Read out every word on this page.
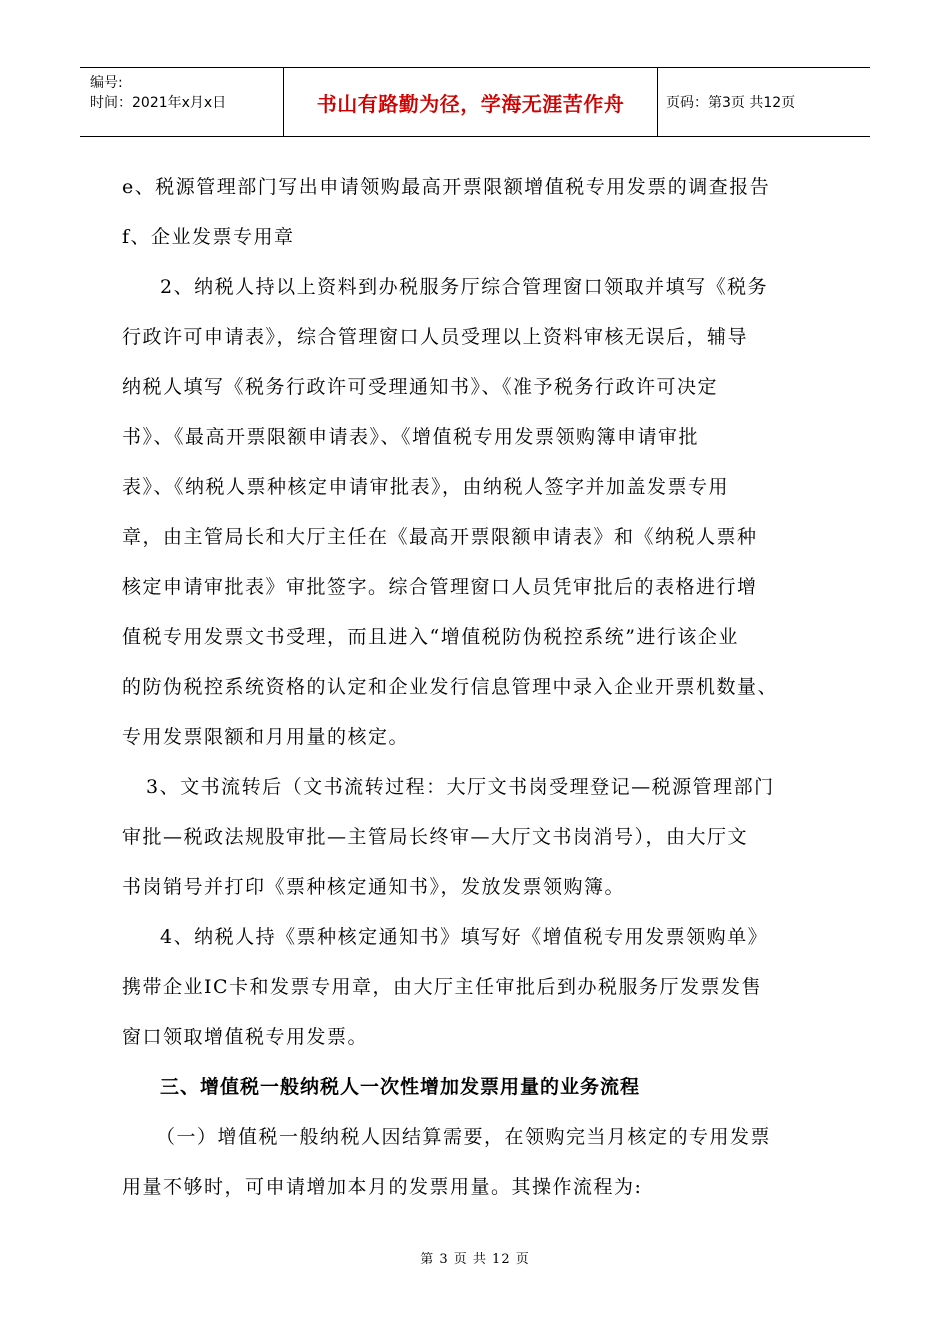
编号:
时间：2021年x月x日	书山有路勤为径，学海无涯苦作舟	页码：第3页 共12页
e、税源管理部门写出申请领购最高开票限额增值税专用发票的调查报告
f、企业发票专用章
2、纳税人持以上资料到办税服务厅综合管理窗口领取并填写《税务
行政许可申请表》，综合管理窗口人员受理以上资料审核无误后，辅导
纳税人填写《税务行政许可受理通知书》、《准予税务行政许可决定
书》、《最高开票限额申请表》、《增值税专用发票领购簿申请审批
表》、《纳税人票种核定申请审批表》，由纳税人签字并加盖发票专用
章，由主管局长和大厅主任在《最高开票限额申请表》和《纳税人票种
核定申请审批表》审批签字。综合管理窗口人员凭审批后的表格进行增
值税专用发票文书受理，而且进入“增值税防伪税控系统”进行该企业
的防伪税控系统资格的认定和企业发行信息管理中录入企业开票机数量、
专用发票限额和月用量的核定。
3、文书流转后（文书流转过程：大厅文书岗受理登记—税源管理部门
审批—税政法规股审批—主管局长终审—大厅文书岗消号），由大厅文
书岗销号并打印《票种核定通知书》，发放发票领购簿。
4、纳税人持《票种核定通知书》填写好《增值税专用发票领购单》
携带企业IC卡和发票专用章，由大厅主任审批后到办税服务厅发票发售
窗口领取增值税专用发票。
三、增值税一般纳税人一次性增加发票用量的业务流程
（一）增值税一般纳税人因结算需要，在领购完当月核定的专用发票
用量不够时，可申请增加本月的发票用量。其操作流程为:
第 3 页 共 12 页
